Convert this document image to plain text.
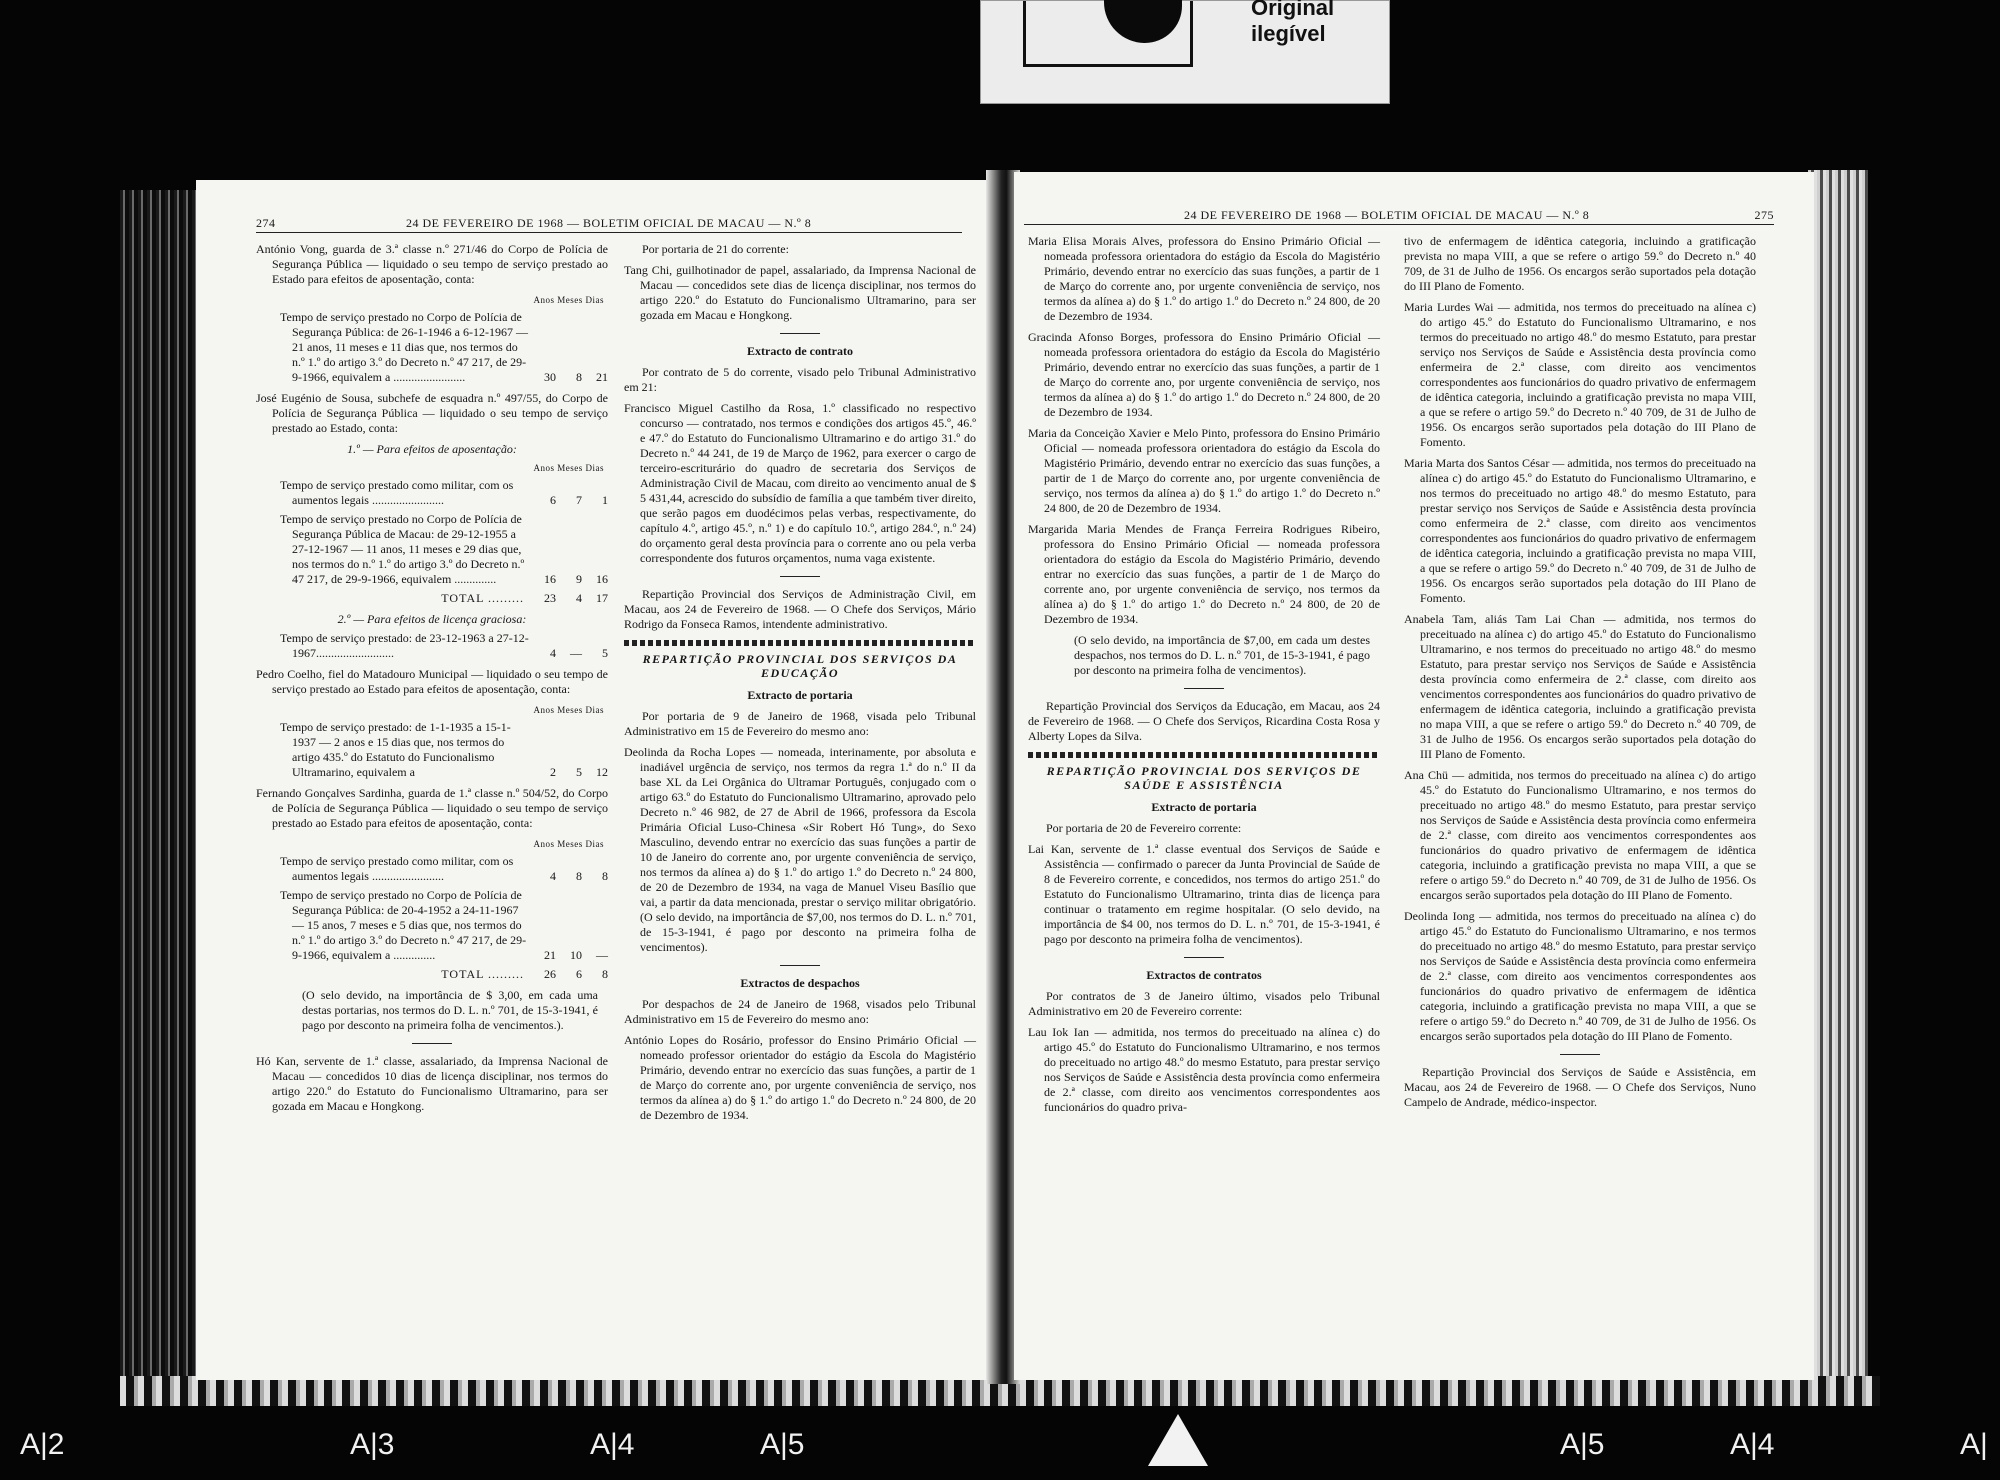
Original ilegível
274	24 DE FEVEREIRO DE 1968 — BOLETIM OFICIAL DE MACAU — N.º 8

António Vong, guarda de 3.ª classe n.º 271/46 do Corpo de Polícia de Segurança Pública — liquidado o seu tempo de serviço prestado ao Estado para efeitos de aposentação, conta:

Anos Meses Dias
Tempo de serviço prestado no Corpo de Polícia de Segurança Pública: de 26-1-1946 a 6-12-1967 — 21 anos, 11 meses e 11 dias que, nos termos do n.º 1.º do artigo 3.º do Decreto n.º 47 217, de 29-9-1966, equivalem a ........................	30	8	21

José Eugénio de Sousa, subchefe de esquadra n.º 497/55, do Corpo de Polícia de Segurança Pública — liquidado o seu tempo de serviço prestado ao Estado, conta:

1.º — Para efeitos de aposentação:
Anos Meses Dias
Tempo de serviço prestado como militar, com os aumentos legais ........................	6	7	1
Tempo de serviço prestado no Corpo de Polícia de Segurança Pública de Macau: de 29-12-1955 a 27-12-1967 — 11 anos, 11 meses e 29 dias que, nos termos do n.º 1.º do artigo 3.º do Decreto n.º 47 217, de 29-9-1966, equivalem ..............	16	9	16
TOTAL .........	23	4	17
2.º — Para efeitos de licença graciosa:
Tempo de serviço prestado: de 23-12-1963 a 27-12-1967..........................	4	—	5

Pedro Coelho, fiel do Matadouro Municipal — liquidado o seu tempo de serviço prestado ao Estado para efeitos de aposentação, conta:

Anos Meses Dias
Tempo de serviço prestado: de 1-1-1935 a 15-1-1937 — 2 anos e 15 dias que, nos termos do artigo 435.º do Estatuto do Funcionalismo Ultramarino, equivalem a	2	5	12

Fernando Gonçalves Sardinha, guarda de 1.ª classe n.º 504/52, do Corpo de Polícia de Segurança Pública — liquidado o seu tempo de serviço prestado ao Estado para efeitos de aposentação, conta:

Anos Meses Dias
Tempo de serviço prestado como militar, com os aumentos legais ........................	4	8	8
Tempo de serviço prestado no Corpo de Polícia de Segurança Pública: de 20-4-1952 a 24-11-1967 — 15 anos, 7 meses e 5 dias que, nos termos do n.º 1.º do artigo 3.º do Decreto n.º 47 217, de 29-9-1966, equivalem a ..............	21	10	—
TOTAL .........	26	6	8

(O selo devido, na importância de $ 3,00, em cada uma destas portarias, nos termos do D. L. n.º 701, de 15-3-1941, é pago por desconto na primeira folha de vencimentos.).

Hó Kan, servente de 1.ª classe, assalariado, da Imprensa Nacional de Macau — concedidos 10 dias de licença disciplinar, nos termos do artigo 220.º do Estatuto do Funcionalismo Ultramarino, para ser gozada em Macau e Hongkong.

Por portaria de 21 do corrente:

Tang Chi, guilhotinador de papel, assalariado, da Imprensa Nacional de Macau — concedidos sete dias de licença disciplinar, nos termos do artigo 220.º do Estatuto do Funcionalismo Ultramarino, para ser gozada em Macau e Hongkong.

Extracto de contrato

Por contrato de 5 do corrente, visado pelo Tribunal Administrativo em 21:

Francisco Miguel Castilho da Rosa, 1.º classificado no respectivo concurso — contratado, nos termos e condições dos artigos 45.º, 46.º e 47.º do Estatuto do Funcionalismo Ultramarino e do artigo 31.º do Decreto n.º 44 241, de 19 de Março de 1962, para exercer o cargo de terceiro-escriturário do quadro de secretaria dos Serviços de Administração Civil de Macau, com direito ao vencimento anual de $ 5 431,44, acrescido do subsídio de família a que também tiver direito, que serão pagos em duodécimos pelas verbas, respectivamente, do capítulo 4.º, artigo 45.º, n.º 1) e do capítulo 10.º, artigo 284.º, n.º 24) do orçamento geral desta província para o corrente ano ou pela verba correspondente dos futuros orçamentos, numa vaga existente.

Repartição Provincial dos Serviços de Administração Civil, em Macau, aos 24 de Fevereiro de 1968. — O Chefe dos Serviços, Mário Rodrigo da Fonseca Ramos, intendente administrativo.

REPARTIÇÃO PROVINCIAL DOS SERVIÇOS DA EDUCAÇÃO
Extracto de portaria

Por portaria de 9 de Janeiro de 1968, visada pelo Tribunal Administrativo em 15 de Fevereiro do mesmo ano:

Deolinda da Rocha Lopes — nomeada, interinamente, por absoluta e inadiável urgência de serviço, nos termos da regra 1.ª do n.º II da base XL da Lei Orgânica do Ultramar Português, conjugado com o artigo 63.º do Estatuto do Funcionalismo Ultramarino, aprovado pelo Decreto n.º 46 982, de 27 de Abril de 1966, professora da Escola Primária Oficial Luso-Chinesa «Sir Robert Hó Tung», do Sexo Masculino, devendo entrar no exercício das suas funções a partir de 10 de Janeiro do corrente ano, por urgente conveniência de serviço, nos termos da alínea a) do § 1.º do artigo 1.º do Decreto n.º 24 800, de 20 de Dezembro de 1934, na vaga de Manuel Viseu Basílio que vai, a partir da data mencionada, prestar o serviço militar obrigatório. (O selo devido, na importância de $7,00, nos termos do D. L. n.º 701, de 15-3-1941, é pago por desconto na primeira folha de vencimentos).

Extractos de despachos

Por despachos de 24 de Janeiro de 1968, visados pelo Tribunal Administrativo em 15 de Fevereiro do mesmo ano:

António Lopes do Rosário, professor do Ensino Primário Oficial — nomeado professor orientador do estágio da Escola do Magistério Primário, devendo entrar no exercício das suas funções, a partir de 1 de Março do corrente ano, por urgente conveniência de serviço, nos termos da alínea a) do § 1.º do artigo 1.º do Decreto n.º 24 800, de 20 de Dezembro de 1934.

24 DE FEVEREIRO DE 1968 — BOLETIM OFICIAL DE MACAU — N.º 8	275

Maria Elisa Morais Alves, professora do Ensino Primário Oficial — nomeada professora orientadora do estágio da Escola do Magistério Primário, devendo entrar no exercício das suas funções, a partir de 1 de Março do corrente ano, por urgente conveniência de serviço, nos termos da alínea a) do § 1.º do artigo 1.º do Decreto n.º 24 800, de 20 de Dezembro de 1934.

Gracinda Afonso Borges, professora do Ensino Primário Oficial — nomeada professora orientadora do estágio da Escola do Magistério Primário, devendo entrar no exercício das suas funções, a partir de 1 de Março do corrente ano, por urgente conveniência de serviço, nos termos da alínea a) do § 1.º do artigo 1.º do Decreto n.º 24 800, de 20 de Dezembro de 1934.

Maria da Conceição Xavier e Melo Pinto, professora do Ensino Primário Oficial — nomeada professora orientadora do estágio da Escola do Magistério Primário, devendo entrar no exercício das suas funções, a partir de 1 de Março do corrente ano, por urgente conveniência de serviço, nos termos da alínea a) do § 1.º do artigo 1.º do Decreto n.º 24 800, de 20 de Dezembro de 1934.

Margarida Maria Mendes de França Ferreira Rodrigues Ribeiro, professora do Ensino Primário Oficial — nomeada professora orientadora do estágio da Escola do Magistério Primário, devendo entrar no exercício das suas funções, a partir de 1 de Março do corrente ano, por urgente conveniência de serviço, nos termos da alínea a) do § 1.º do artigo 1.º do Decreto n.º 24 800, de 20 de Dezembro de 1934.

(O selo devido, na importância de $7,00, em cada um destes despachos, nos termos do D. L. n.º 701, de 15-3-1941, é pago por desconto na primeira folha de vencimentos).

Repartição Provincial dos Serviços da Educação, em Macau, aos 24 de Fevereiro de 1968. — O Chefe dos Serviços, Ricardina Costa Rosa y Alberty Lopes da Silva.

REPARTIÇÃO PROVINCIAL DOS SERVIÇOS DE SAÚDE E ASSISTÊNCIA
Extracto de portaria

Por portaria de 20 de Fevereiro corrente:

Lai Kan, servente de 1.ª classe eventual dos Serviços de Saúde e Assistência — confirmado o parecer da Junta Provincial de Saúde de 8 de Fevereiro corrente, e concedidos, nos termos do artigo 251.º do Estatuto do Funcionalismo Ultramarino, trinta dias de licença para continuar o tratamento em regime hospitalar. (O selo devido, na importância de $4 00, nos termos do D. L. n.º 701, de 15-3-1941, é pago por desconto na primeira folha de vencimentos).

Extractos de contratos

Por contratos de 3 de Janeiro último, visados pelo Tribunal Administrativo em 20 de Fevereiro corrente:

Lau Iok Ian — admitida, nos termos do preceituado na alínea c) do artigo 45.º do Estatuto do Funcionalismo Ultramarino, e nos termos do preceituado no artigo 48.º do mesmo Estatuto, para prestar serviço nos Serviços de Saúde e Assistência desta província como enfermeira de 2.ª classe, com direito aos vencimentos correspondentes aos funcionários do quadro priva-

tivo de enfermagem de idêntica categoria, incluindo a gratificação prevista no mapa VIII, a que se refere o artigo 59.º do Decreto n.º 40 709, de 31 de Julho de 1956. Os encargos serão suportados pela dotação do III Plano de Fomento.

Maria Lurdes Wai — admitida, nos termos do preceituado na alínea c) do artigo 45.º do Estatuto do Funcionalismo Ultramarino, e nos termos do preceituado no artigo 48.º do mesmo Estatuto, para prestar serviço nos Serviços de Saúde e Assistência desta província como enfermeira de 2.ª classe, com direito aos vencimentos correspondentes aos funcionários do quadro privativo de enfermagem de idêntica categoria, incluindo a gratificação prevista no mapa VIII, a que se refere o artigo 59.º do Decreto n.º 40 709, de 31 de Julho de 1956. Os encargos serão suportados pela dotação do III Plano de Fomento.

Maria Marta dos Santos César — admitida, nos termos do preceituado na alínea c) do artigo 45.º do Estatuto do Funcionalismo Ultramarino, e nos termos do preceituado no artigo 48.º do mesmo Estatuto, para prestar serviço nos Serviços de Saúde e Assistência desta província como enfermeira de 2.ª classe, com direito aos vencimentos correspondentes aos funcionários do quadro privativo de enfermagem de idêntica categoria, incluindo a gratificação prevista no mapa VIII, a que se refere o artigo 59.º do Decreto n.º 40 709, de 31 de Julho de 1956. Os encargos serão suportados pela dotação do III Plano de Fomento.

Anabela Tam, aliás Tam Lai Chan — admitida, nos termos do preceituado na alínea c) do artigo 45.º do Estatuto do Funcionalismo Ultramarino, e nos termos do preceituado no artigo 48.º do mesmo Estatuto, para prestar serviço nos Serviços de Saúde e Assistência desta província como enfermeira de 2.ª classe, com direito aos vencimentos correspondentes aos funcionários do quadro privativo de enfermagem de idêntica categoria, incluindo a gratificação prevista no mapa VIII, a que se refere o artigo 59.º do Decreto n.º 40 709, de 31 de Julho de 1956. Os encargos serão suportados pela dotação do III Plano de Fomento.

Ana Chü — admitida, nos termos do preceituado na alínea c) do artigo 45.º do Estatuto do Funcionalismo Ultramarino, e nos termos do preceituado no artigo 48.º do mesmo Estatuto, para prestar serviço nos Serviços de Saúde e Assistência desta província como enfermeira de 2.ª classe, com direito aos vencimentos correspondentes aos funcionários do quadro privativo de enfermagem de idêntica categoria, incluindo a gratificação prevista no mapa VIII, a que se refere o artigo 59.º do Decreto n.º 40 709, de 31 de Julho de 1956. Os encargos serão suportados pela dotação do III Plano de Fomento.

Deolinda Iong — admitida, nos termos do preceituado na alínea c) do artigo 45.º do Estatuto do Funcionalismo Ultramarino, e nos termos do preceituado no artigo 48.º do mesmo Estatuto, para prestar serviço nos Serviços de Saúde e Assistência desta província como enfermeira de 2.ª classe, com direito aos vencimentos correspondentes aos funcionários do quadro privativo de enfermagem de idêntica categoria, incluindo a gratificação prevista no mapa VIII, a que se refere o artigo 59.º do Decreto n.º 40 709, de 31 de Julho de 1956. Os encargos serão suportados pela dotação do III Plano de Fomento.

Repartição Provincial dos Serviços de Saúde e Assistência, em Macau, aos 24 de Fevereiro de 1968. — O Chefe dos Serviços, Nuno Campelo de Andrade, médico-inspector.

A|2	A|3	A|4	A|5	A|5	A|4	A|
